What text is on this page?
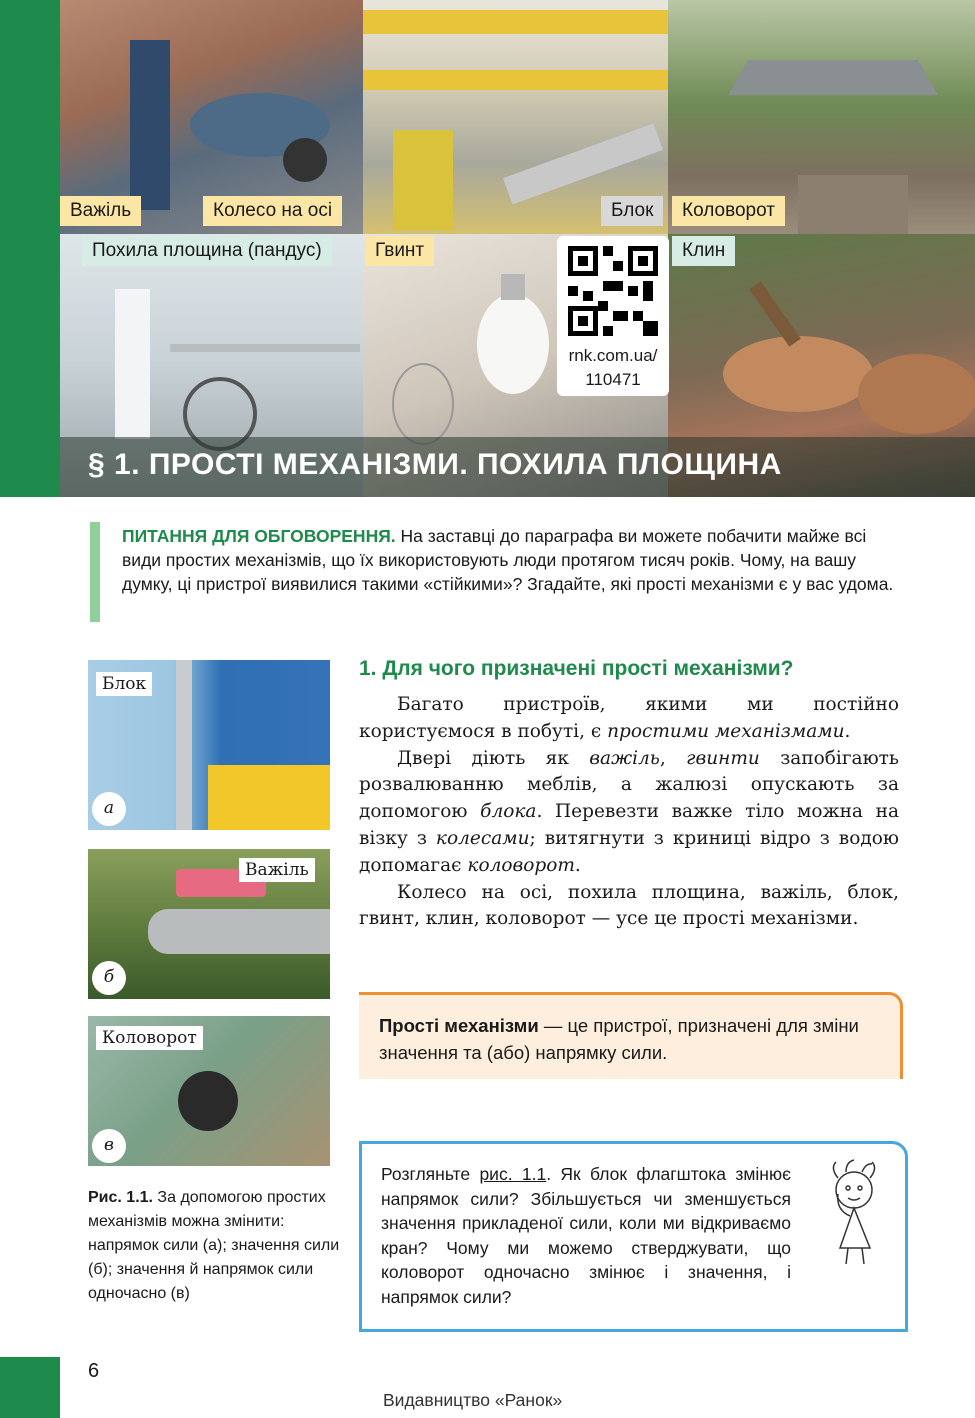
Важіль	Колесо на осі	Блок	Коловорот
Похила площина (пандус)	Гвинт	Клин
rnk.com.ua/
110471
§ 1. ПРОСТІ МЕХАНІЗМИ. ПОХИЛА ПЛОЩИНА
ПИТАННЯ ДЛЯ ОБГОВОРЕННЯ. На заставці до параграфа ви можете побачити майже всі види простих механізмів, що їх використовують люди протягом тисяч років. Чому, на вашу думку, ці пристрої виявилися такими «стійкими»? Згадайте, які прості механізми є у вас удома.
Блок
а
Важіль
б
Коловорот
в
Рис. 1.1. За допомогою простих механізмів можна змінити: напрямок сили (а); значення сили (б); значення й напрямок сили одночасно (в)
1. Для чого призначені прості механізми?

Багато пристроїв, якими ми постійно користуємося в побуті, є простими механізмами.

Двері діють як важіль, гвинти запобігають розвалюванню меблів, а жалюзі опускають за допомогою блока. Перевезти важке тіло можна на візку з колесами; витягнути з криниці відро з водою допомагає коловорот.

Колесо на осі, похила площина, важіль, блок, гвинт, клин, коловорот — усе це прості механізми.

Прості механізми — це пристрої, призначені для зміни значення та (або) напрямку сили.
Розгляньте рис. 1.1. Як блок флагштока змінює напрямок сили? Збільшується чи зменшується значення прикладеної сили, коли ми відкриваємо кран? Чому ми можемо стверджувати, що коловорот одночасно змінює і значення, і напрямок сили?
6
Видавництво «Ранок»
